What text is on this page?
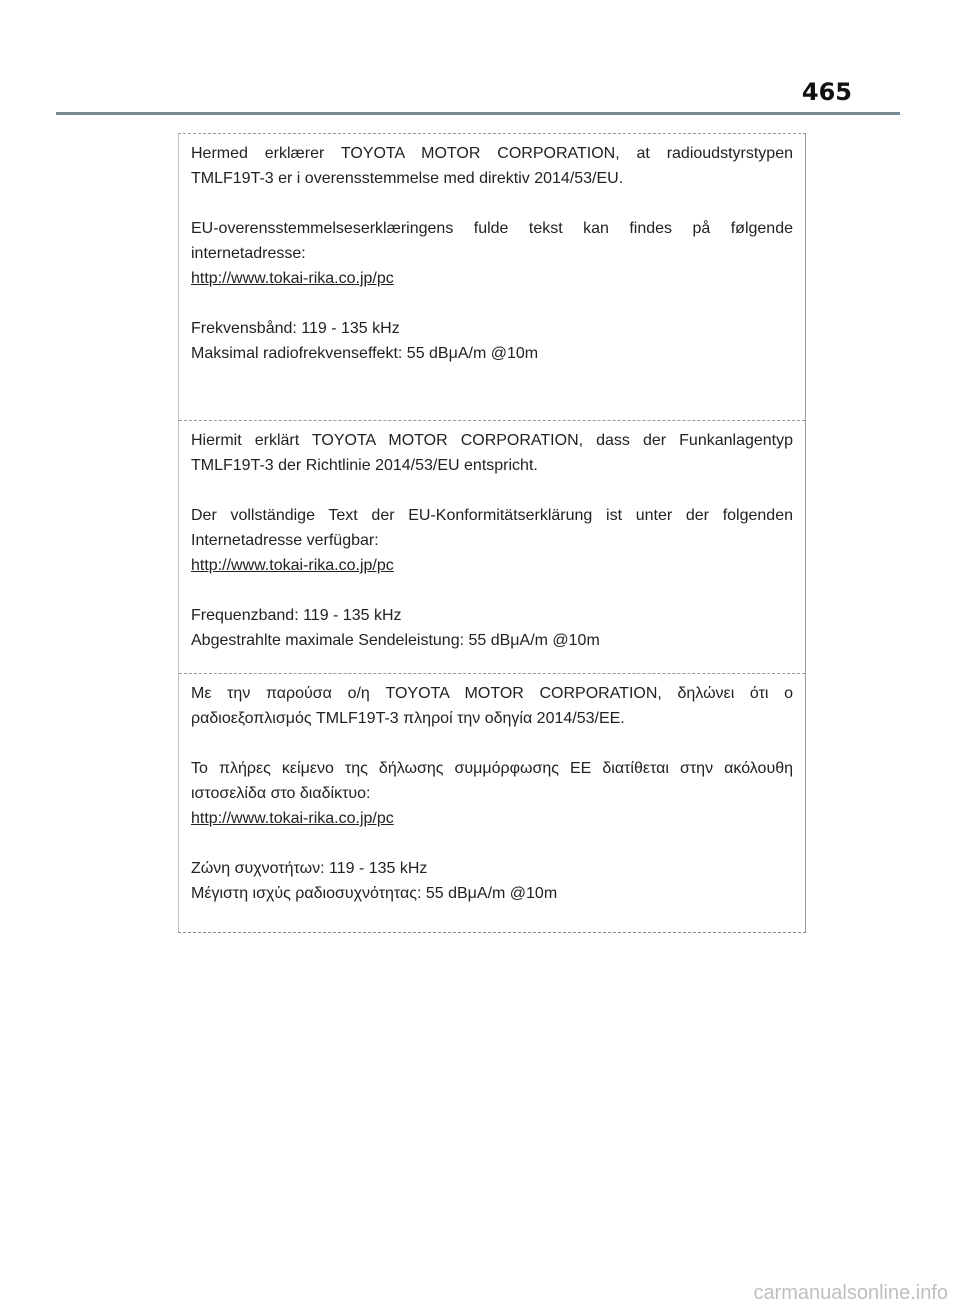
465

Hermed erklærer TOYOTA MOTOR CORPORATION, at radioudstyrstypen TMLF19T-3 er i overensstemmelse med direktiv 2014/53/EU.

EU-overensstemmelseserklæringens fulde tekst kan findes på følgende internetadresse:

http://www.tokai-rika.co.jp/pc
Frekvensbånd: 119 - 135 kHz
Maksimal radiofrekvenseffekt: 55 dBμA/m @10m

Hiermit erklärt TOYOTA MOTOR CORPORATION, dass der Funkanlagentyp TMLF19T-3 der Richtlinie 2014/53/EU entspricht.

Der vollständige Text der EU-Konformitätserklärung ist unter der folgenden Internetadresse verfügbar:

http://www.tokai-rika.co.jp/pc
Frequenzband: 119 - 135 kHz
Abgestrahlte maximale Sendeleistung: 55 dBμA/m @10m

Με την παρούσα ο/η TOYOTA MOTOR CORPORATION, δηλώνει ότι ο ραδιοεξοπλισμός TMLF19T-3 πληροί την οδηγία 2014/53/ΕΕ.

Το πλήρες κείμενο της δήλωσης συμμόρφωσης ΕΕ διατίθεται στην ακόλουθη ιστοσελίδα στο διαδίκτυο:

http://www.tokai-rika.co.jp/pc
Ζώνη συχνοτήτων: 119 - 135 kHz
Μέγιστη ισχύς ραδιοσυχνότητας: 55 dBμA/m @10m
carmanualsonline.info
